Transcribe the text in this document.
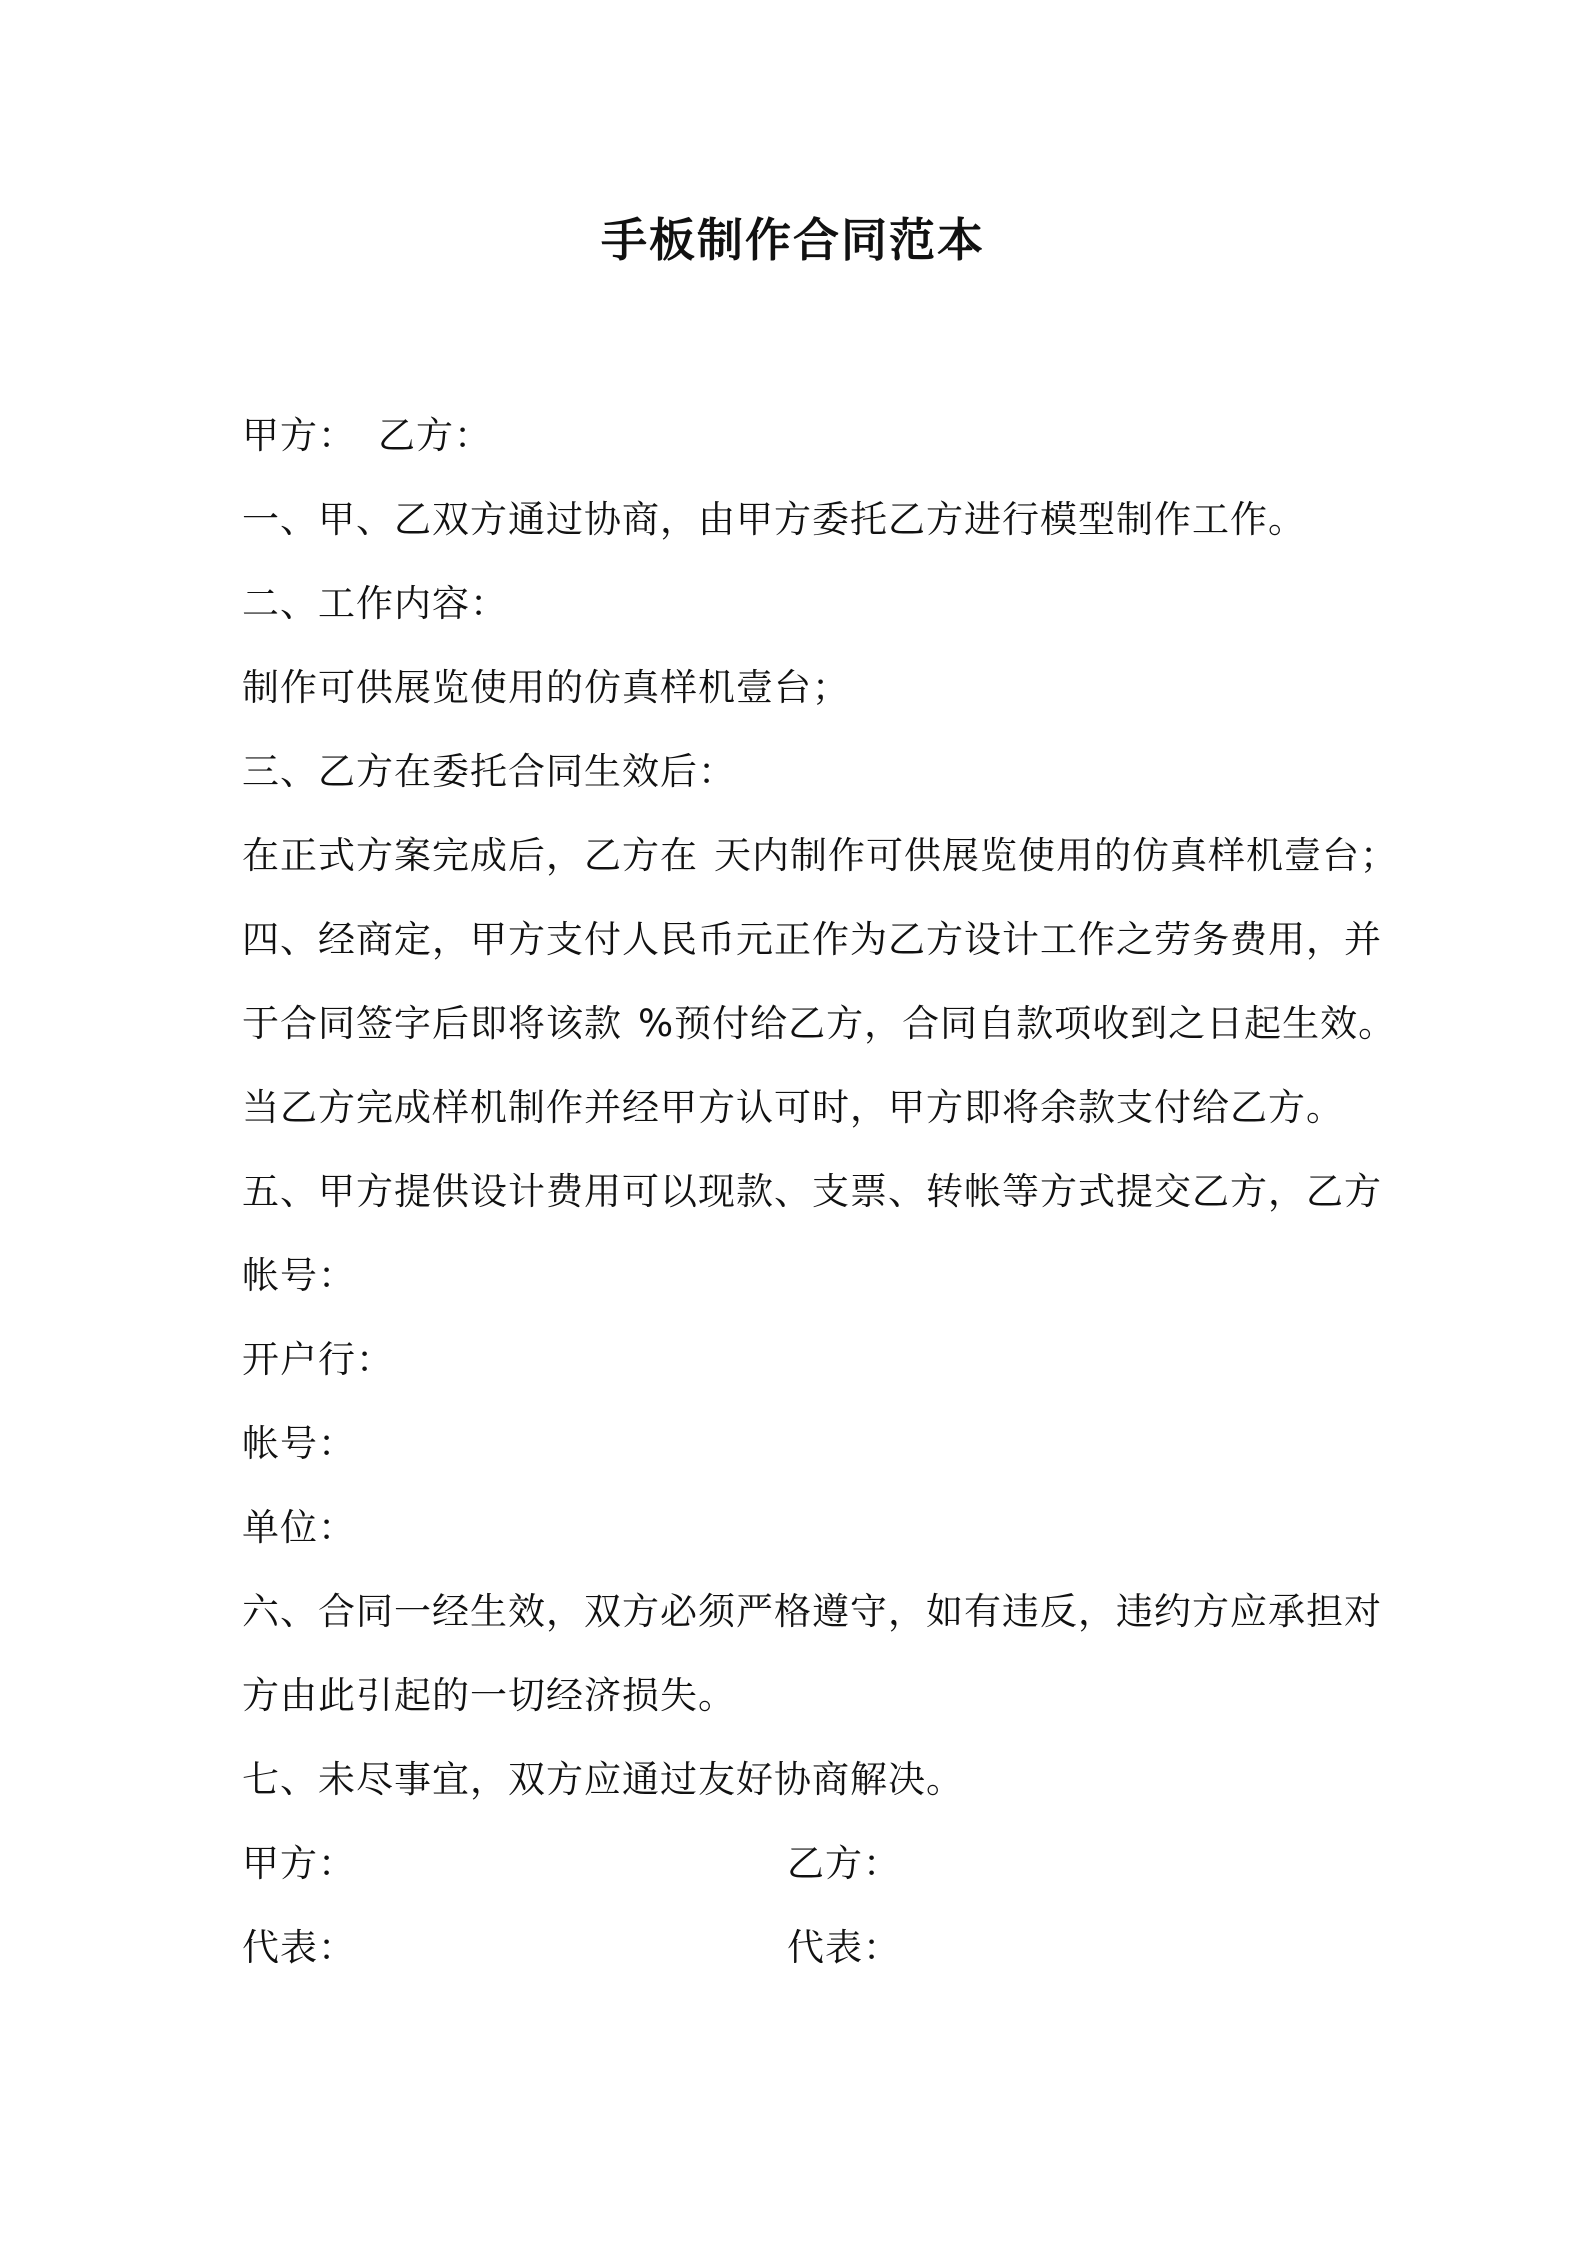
手板制作合同范本
甲方： 乙方：
一、甲、乙双方通过协商，由甲方委托乙方进行模型制作工作。
二、工作内容：
制作可供展览使用的仿真样机壹台；
三、乙方在委托合同生效后：
在正式方案完成后，乙方在 天内制作可供展览使用的仿真样机壹台；
四、经商定，甲方支付人民币元正作为乙方设计工作之劳务费用，并
于合同签字后即将该款 %预付给乙方，合同自款项收到之日起生效。
当乙方完成样机制作并经甲方认可时，甲方即将余款支付给乙方。
五、甲方提供设计费用可以现款、支票、转帐等方式提交乙方，乙方
帐号：
开户行：
帐号：
单位：
六、合同一经生效，双方必须严格遵守，如有违反，违约方应承担对
方由此引起的一切经济损失。
七、未尽事宜，双方应通过友好协商解决。
甲方：	乙方：
代表：	代表：
